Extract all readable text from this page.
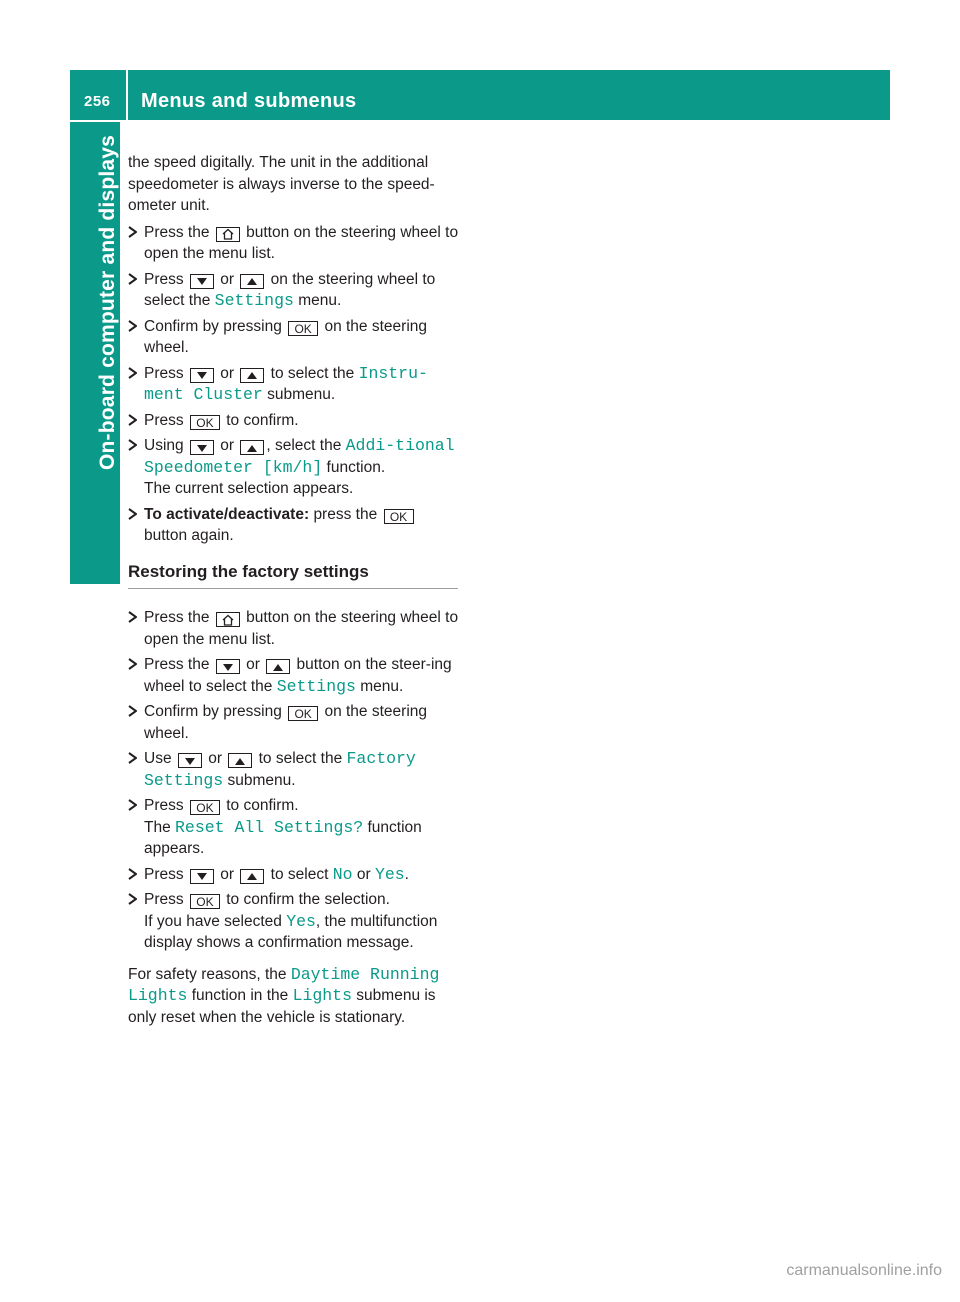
256 Menus and submenus
On-board computer and displays the speed digitally. The unit in the additional speedometer is always inverse to the speed-ometer unit.

Press the button on the steering wheel to open the menu list.
Press or on the steering wheel to select the Settings menu.
Confirm by pressing OK on the steering wheel.
Press or to select the Instru-ment Cluster submenu.
Press OK to confirm.
Using or , select the Addi-tional Speedometer [km/h] function.
The current selection appears.
To activate/deactivate: press the OK
button again.
Restoring the factory settings
Press the button on the steering wheel to open the menu list.
Press the or button on the steer-ing wheel to select the Settings menu.
Confirm by pressing OK on the steering wheel.
Use or to select the Factory Settings submenu.
Press OK to confirm.
The Reset All Settings? function appears.
Press or to select No or Yes.
Press OK to confirm the selection.
If you have selected Yes, the multifunction display shows a confirmation message.

For safety reasons, the Daytime Running Lights function in the Lights submenu is only reset when the vehicle is stationary.

carmanualsonline.info
